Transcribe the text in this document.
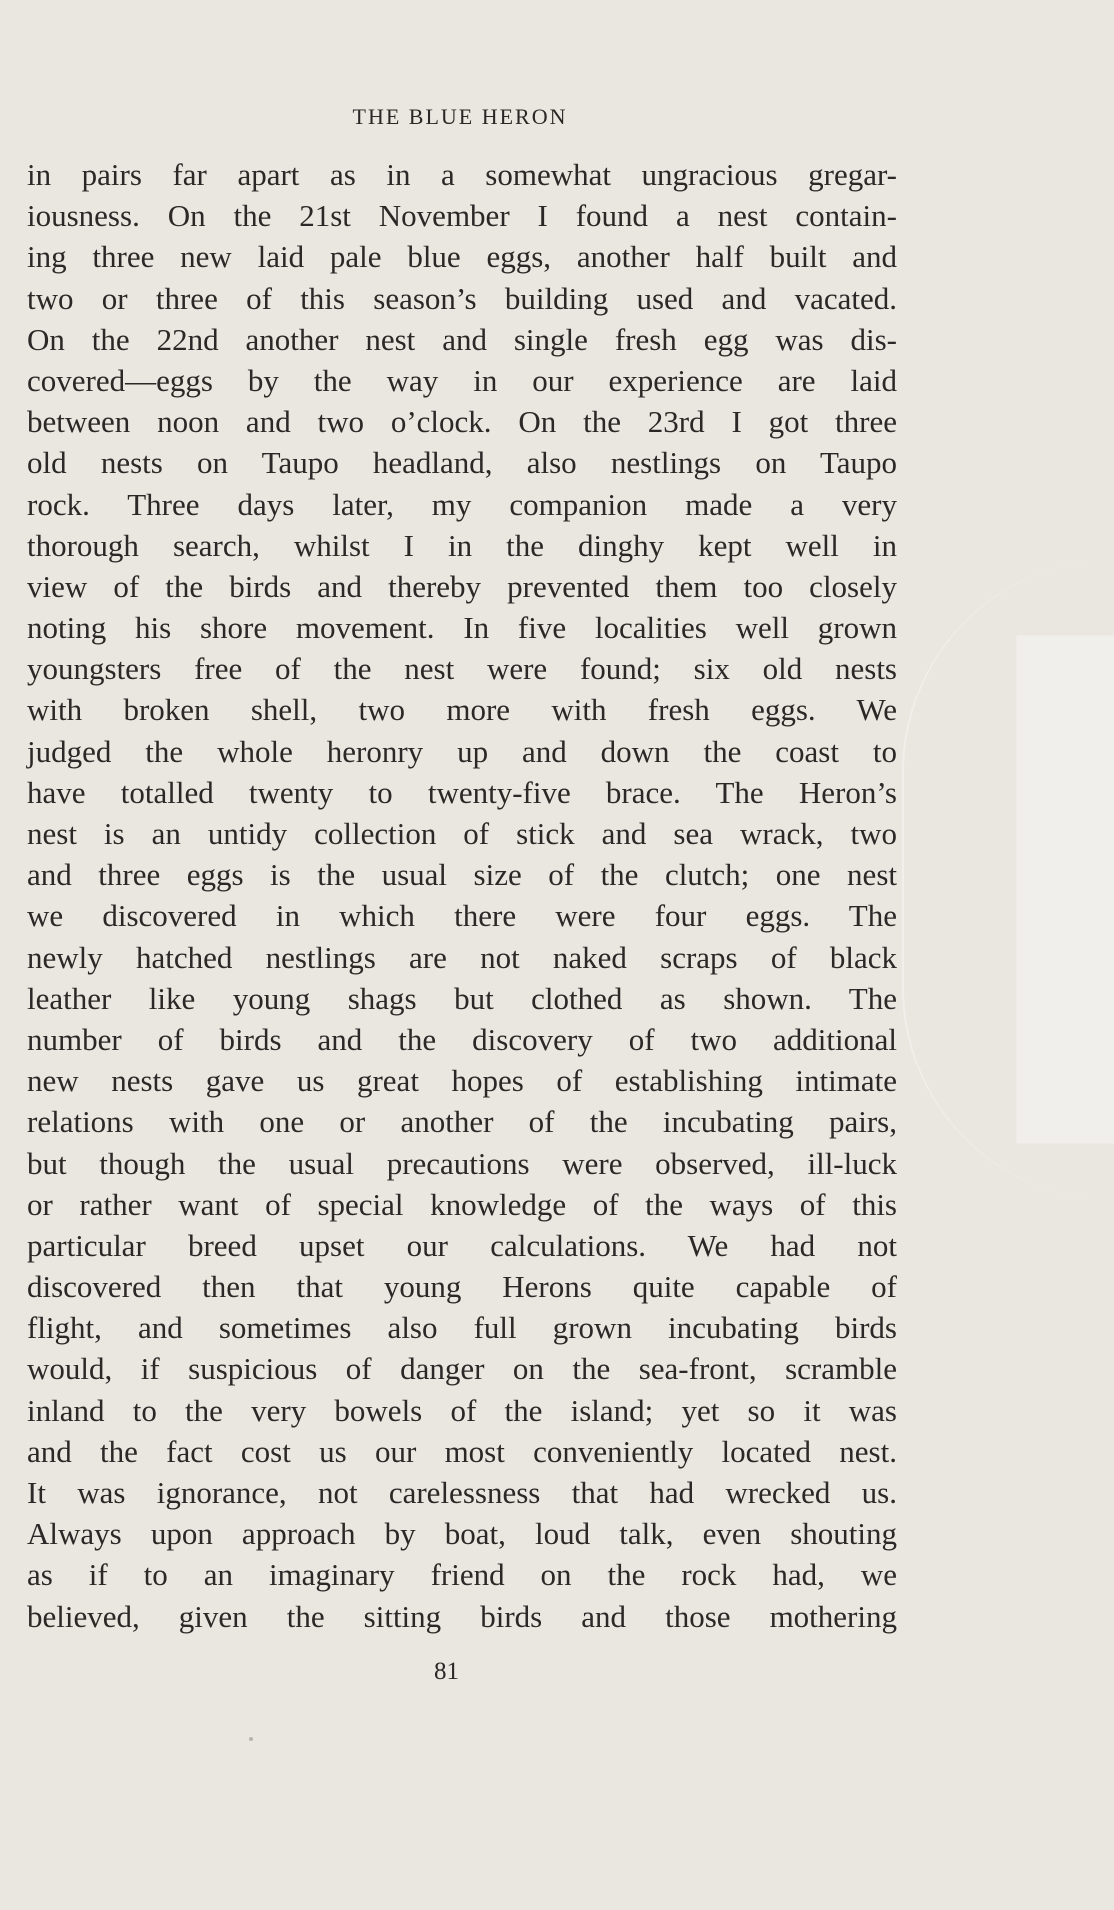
THE BLUE HERON
in pairs far apart as in a somewhat ungracious gregar-
iousness. On the 21st November I found a nest contain-
ing three new laid pale blue eggs, another half built and
two or three of this season’s building used and vacated.
On the 22nd another nest and single fresh egg was dis-
covered—eggs by the way in our experience are laid
between noon and two o’clock. On the 23rd I got three
old nests on Taupo headland, also nestlings on Taupo
rock. Three days later, my companion made a very
thorough search, whilst I in the dinghy kept well in
view of the birds and thereby prevented them too closely
noting his shore movement. In five localities well grown
youngsters free of the nest were found; six old nests
with broken shell, two more with fresh eggs. We
judged the whole heronry up and down the coast to
have totalled twenty to twenty-five brace. The Heron’s
nest is an untidy collection of stick and sea wrack, two
and three eggs is the usual size of the clutch; one nest
we discovered in which there were four eggs. The
newly hatched nestlings are not naked scraps of black
leather like young shags but clothed as shown. The
number of birds and the discovery of two additional
new nests gave us great hopes of establishing intimate
relations with one or another of the incubating pairs,
but though the usual precautions were observed, ill-luck
or rather want of special knowledge of the ways of this
particular breed upset our calculations. We had not
discovered then that young Herons quite capable of
flight, and sometimes also full grown incubating birds
would, if suspicious of danger on the sea-front, scramble
inland to the very bowels of the island; yet so it was
and the fact cost us our most conveniently located nest.
It was ignorance, not carelessness that had wrecked us.
Always upon approach by boat, loud talk, even shouting
as if to an imaginary friend on the rock had, we
believed, given the sitting birds and those mothering
81
